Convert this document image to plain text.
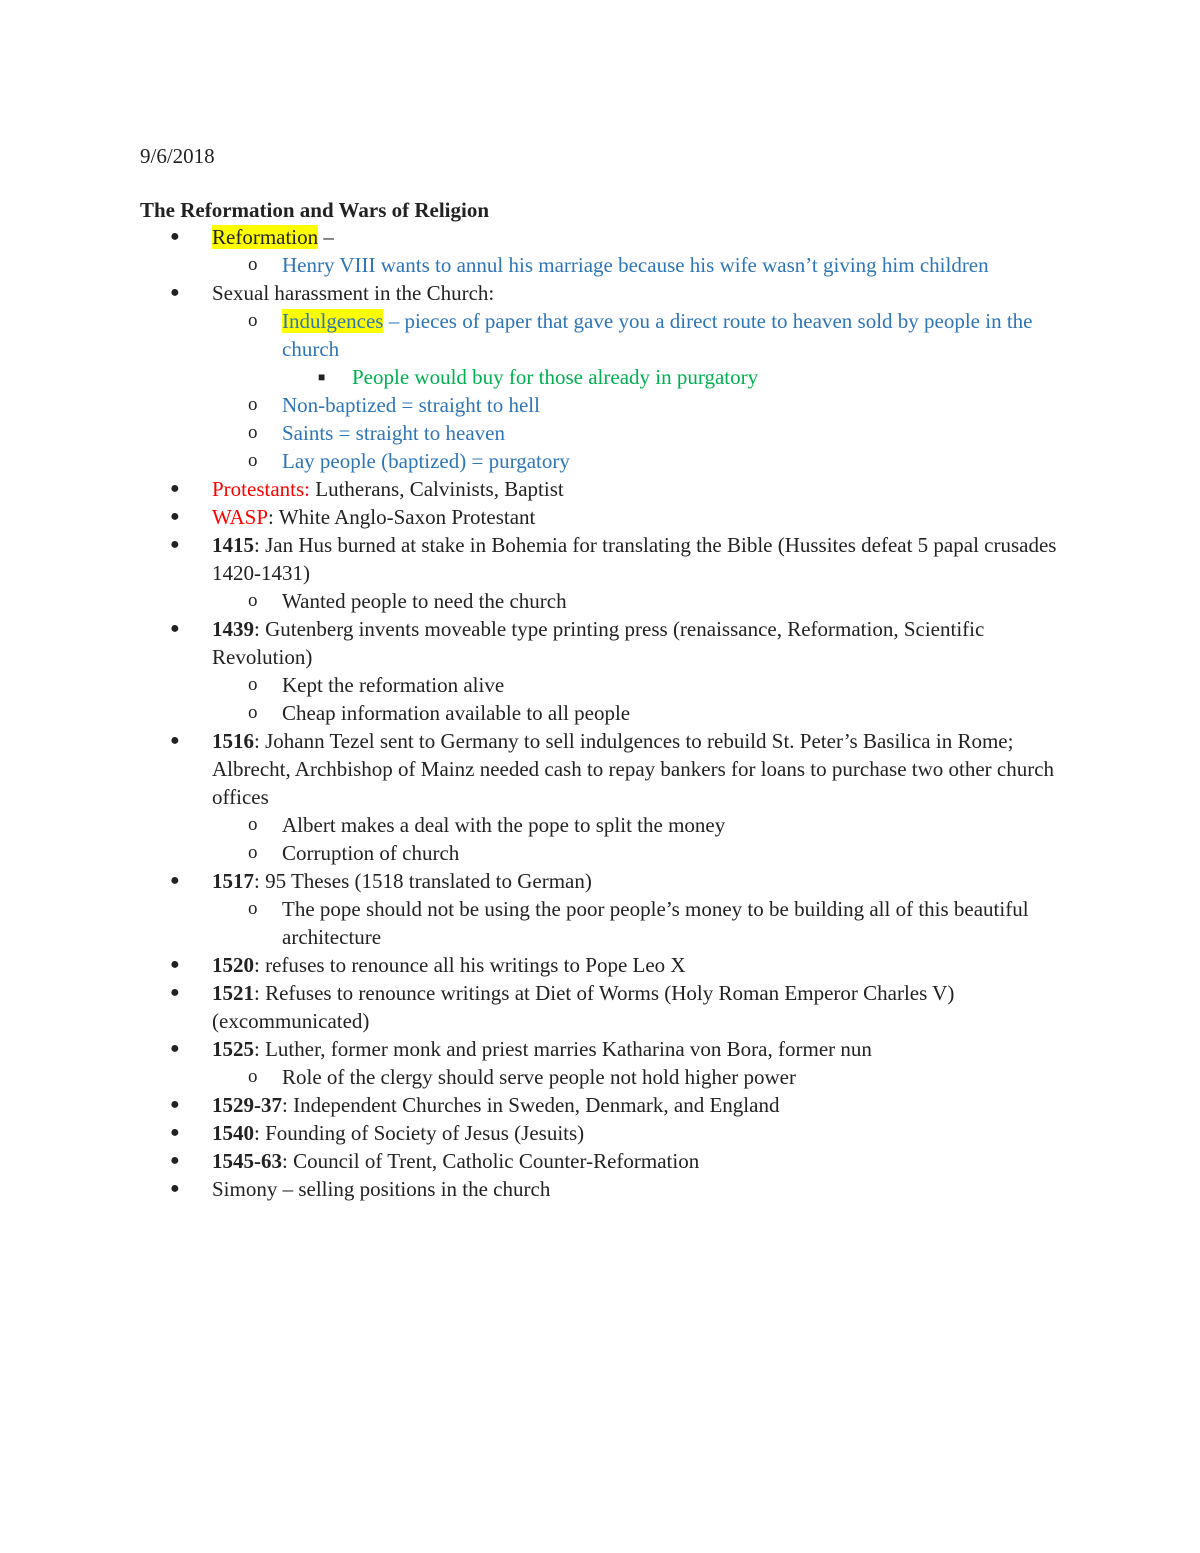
9/6/2018
The Reformation and Wars of Religion
● Reformation –
o Henry VIII wants to annul his marriage because his wife wasn’t giving him children
● Sexual harassment in the Church:
o Indulgences – pieces of paper that gave you a direct route to heaven sold by people in the church
■ People would buy for those already in purgatory
o Non-baptized = straight to hell
o Saints = straight to heaven
o Lay people (baptized) = purgatory
● Protestants: Lutherans, Calvinists, Baptist
● WASP: White Anglo-Saxon Protestant
● 1415: Jan Hus burned at stake in Bohemia for translating the Bible (Hussites defeat 5 papal crusades 1420-1431)
o Wanted people to need the church
● 1439: Gutenberg invents moveable type printing press (renaissance, Reformation, Scientific Revolution)
o Kept the reformation alive
o Cheap information available to all people
● 1516: Johann Tezel sent to Germany to sell indulgences to rebuild St. Peter’s Basilica in Rome; Albrecht, Archbishop of Mainz needed cash to repay bankers for loans to purchase two other church offices
o Albert makes a deal with the pope to split the money
o Corruption of church
● 1517: 95 Theses (1518 translated to German)
o The pope should not be using the poor people’s money to be building all of this beautiful architecture
● 1520: refuses to renounce all his writings to Pope Leo X
● 1521: Refuses to renounce writings at Diet of Worms (Holy Roman Emperor Charles V) (excommunicated)
● 1525: Luther, former monk and priest marries Katharina von Bora, former nun
o Role of the clergy should serve people not hold higher power
● 1529-37: Independent Churches in Sweden, Denmark, and England
● 1540: Founding of Society of Jesus (Jesuits)
● 1545-63: Council of Trent, Catholic Counter-Reformation
● Simony – selling positions in the church
